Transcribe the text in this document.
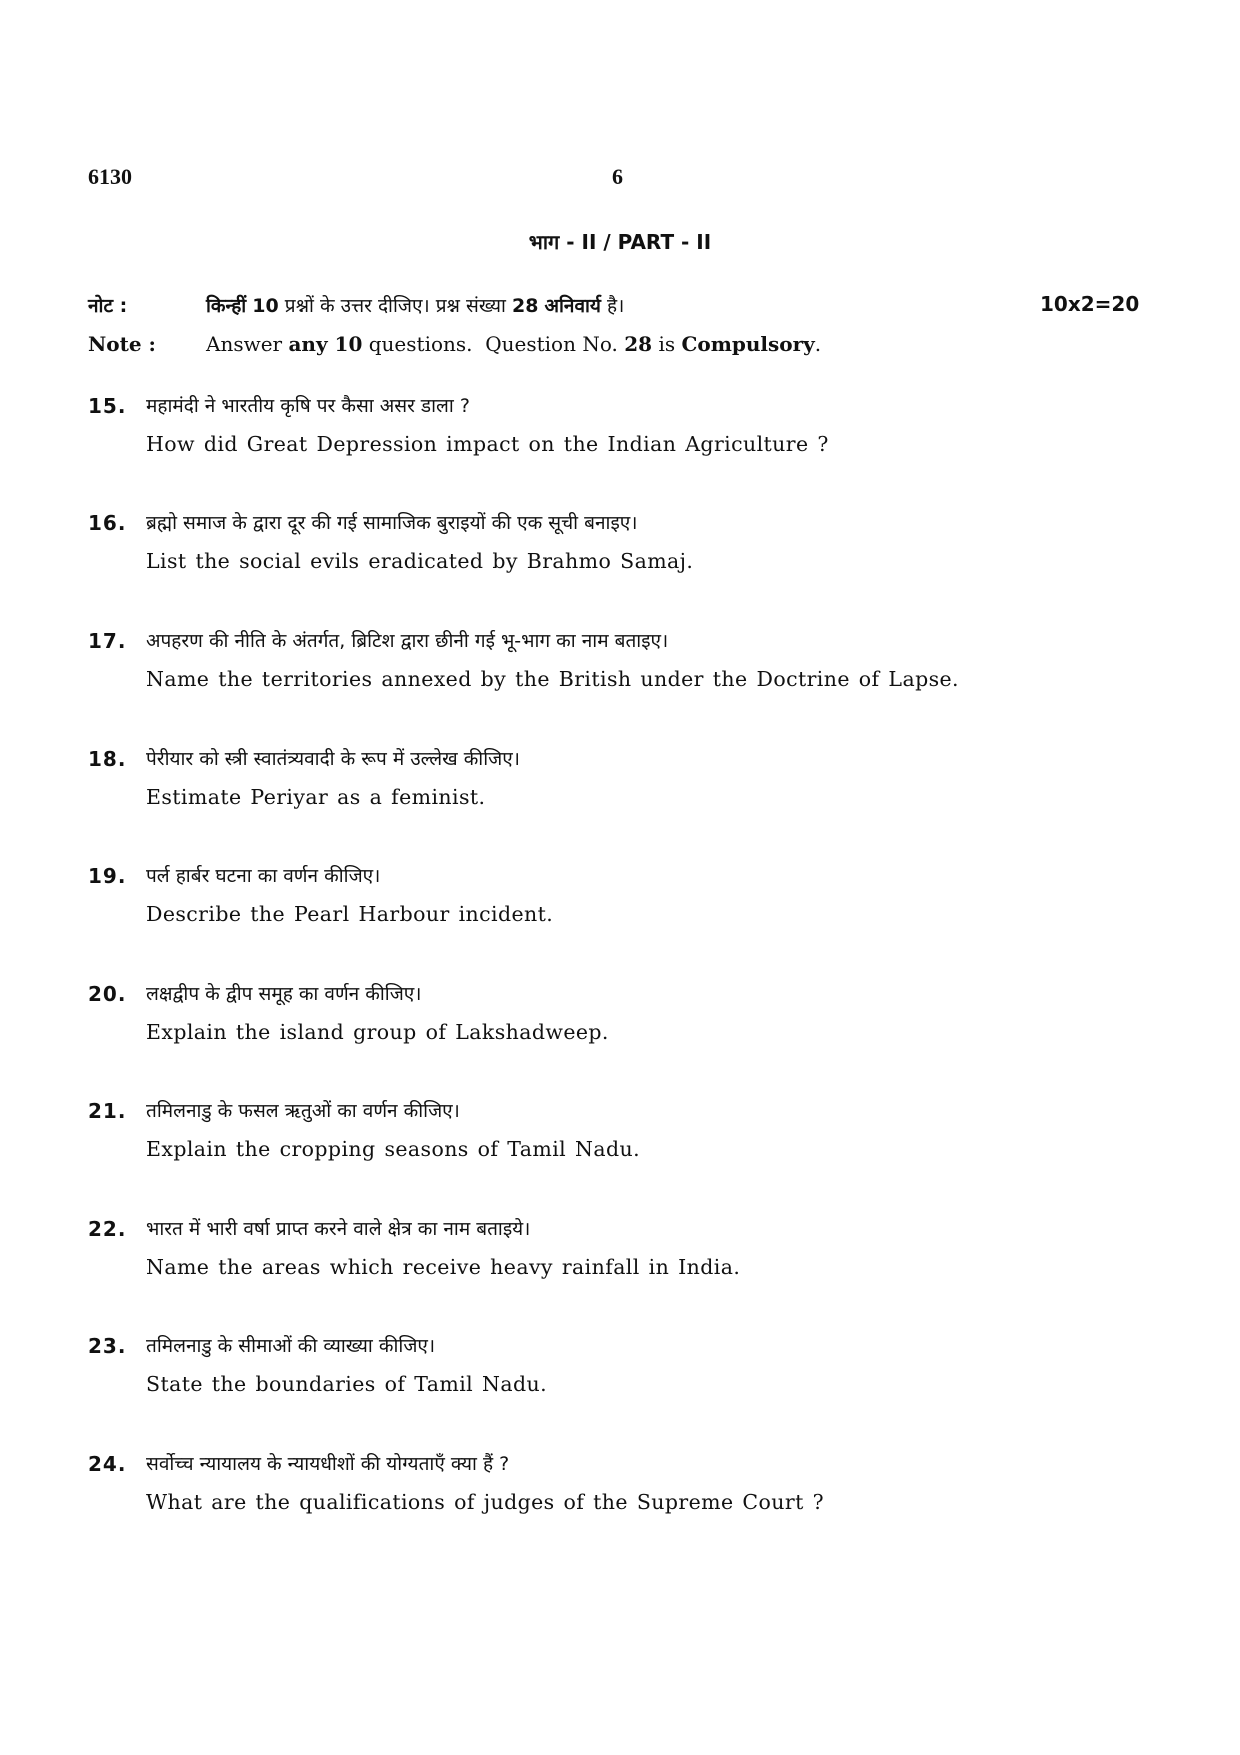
6130	6
भाग - II / PART - II
नोट :	किन्हीं 10 प्रश्नों के उत्तर दीजिए। प्रश्न संख्या 28 अनिवार्य है।	10x2=20
Note :	Answer any 10 questions.  Question No. 28 is Compulsory.
15. महामंदी ने भारतीय कृषि पर कैसा असर डाला ?
How did Great Depression impact on the Indian Agriculture ?
16. ब्रह्मो समाज के द्वारा दूर की गई सामाजिक बुराइयों की एक सूची बनाइए।
List the social evils eradicated by Brahmo Samaj.
17. अपहरण की नीति के अंतर्गत, ब्रिटिश द्वारा छीनी गई भू-भाग का नाम बताइए।
Name the territories annexed by the British under the Doctrine of Lapse.
18. पेरीयार को स्त्री स्वातंत्र्यवादी के रूप में उल्लेख कीजिए।
Estimate Periyar as a feminist.
19. पर्ल हार्बर घटना का वर्णन कीजिए।
Describe the Pearl Harbour incident.
20. लक्षद्वीप के द्वीप समूह का वर्णन कीजिए।
Explain the island group of Lakshadweep.
21. तमिलनाडु के फसल ऋतुओं का वर्णन कीजिए।
Explain the cropping seasons of Tamil Nadu.
22. भारत में भारी वर्षा प्राप्त करने वाले क्षेत्र का नाम बताइये।
Name the areas which receive heavy rainfall in India.
23. तमिलनाडु के सीमाओं की व्याख्या कीजिए।
State the boundaries of Tamil Nadu.
24. सर्वोच्च न्यायालय के न्यायधीशों की योग्यताएँ क्या हैं ?
What are the qualifications of judges of the Supreme Court ?
